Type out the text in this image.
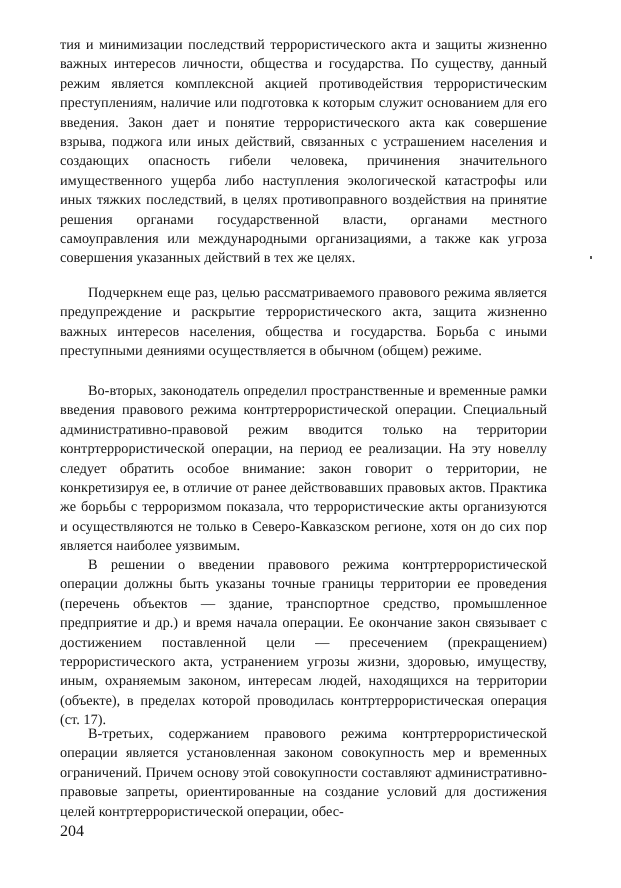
тия и минимизации последствий террористического акта и защиты жизненно важных интересов личности, общества и государства. По существу, данный режим является комплексной акцией противодействия террористическим преступлениям, наличие или подготовка к которым служит основанием для его введения. Закон дает и понятие террористического акта как совершение взрыва, поджога или иных действий, связанных с устрашением населения и создающих опасность гибели человека, причинения значительного имущественного ущерба либо наступления экологической катастрофы или иных тяжких последствий, в целях противоправного воздействия на принятие решения органами государственной власти, органами местного самоуправления или международными организациями, а также как угроза совершения указанных действий в тех же целях.

Подчеркнем еще раз, целью рассматриваемого правового режима является предупреждение и раскрытие террористического акта, защита жизненно важных интересов населения, общества и государства. Борьба с иными преступными деяниями осуществляется в обычном (общем) режиме.

Во-вторых, законодатель определил пространственные и временные рамки введения правового режима контртеррористической операции. Специальный административно-правовой режим вводится только на территории контртеррористической операции, на период ее реализации. На эту новеллу следует обратить особое внимание: закон говорит о территории, не конкретизируя ее, в отличие от ранее действовавших правовых актов. Практика же борьбы с терроризмом показала, что террористические акты организуются и осуществляются не только в Северо-Кавказском регионе, хотя он до сих пор является наиболее уязвимым.

В решении о введении правового режима контртеррористической операции должны быть указаны точные границы территории ее проведения (перечень объектов — здание, транспортное средство, промышленное предприятие и др.) и время начала операции. Ее окончание закон связывает с достижением поставленной цели — пресечением (прекращением) террористического акта, устранением угрозы жизни, здоровью, имуществу, иным, охраняемым законом, интересам людей, находящихся на территории (объекте), в пределах которой проводилась контртеррористическая операция (ст. 17).

В-третьих, содержанием правового режима контртеррористической операции является установленная законом совокупность мер и временных ограничений. Причем основу этой совокупности составляют административно-правовые запреты, ориентированные на создание условий для достижения целей контртеррористической операции, обес-

204
